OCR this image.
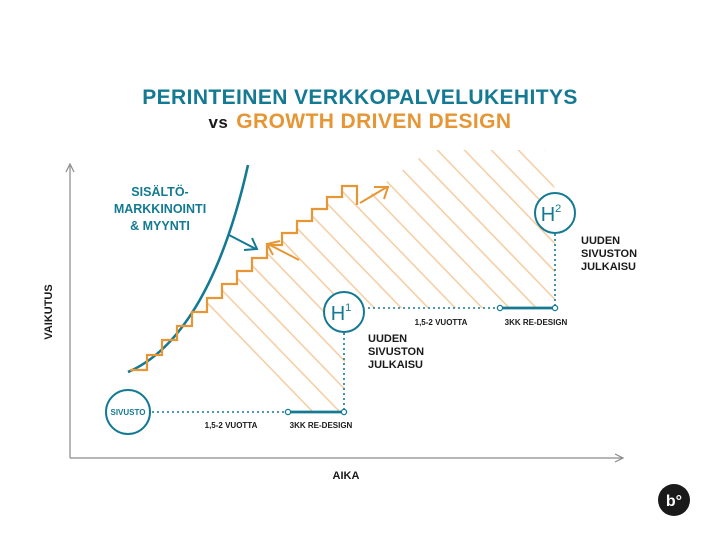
PERINTEINEN VERKKOPALVELUKEHITYS
vs GROWTH DRIVEN DESIGN
VAIKUTUS
AIKA
SISÄLTÖ-
MARKKINOINTI
& MYYNTI
SIVUSTO
$H^1$
$H^2$
1,5-2 VUOTTA	3KK RE-DESIGN
1,5-2 VUOTTA	3KK RE-DESIGN
UUDEN
SIVUSTON
JULKAISU
UUDEN
SIVUSTON
JULKAISU
b°
